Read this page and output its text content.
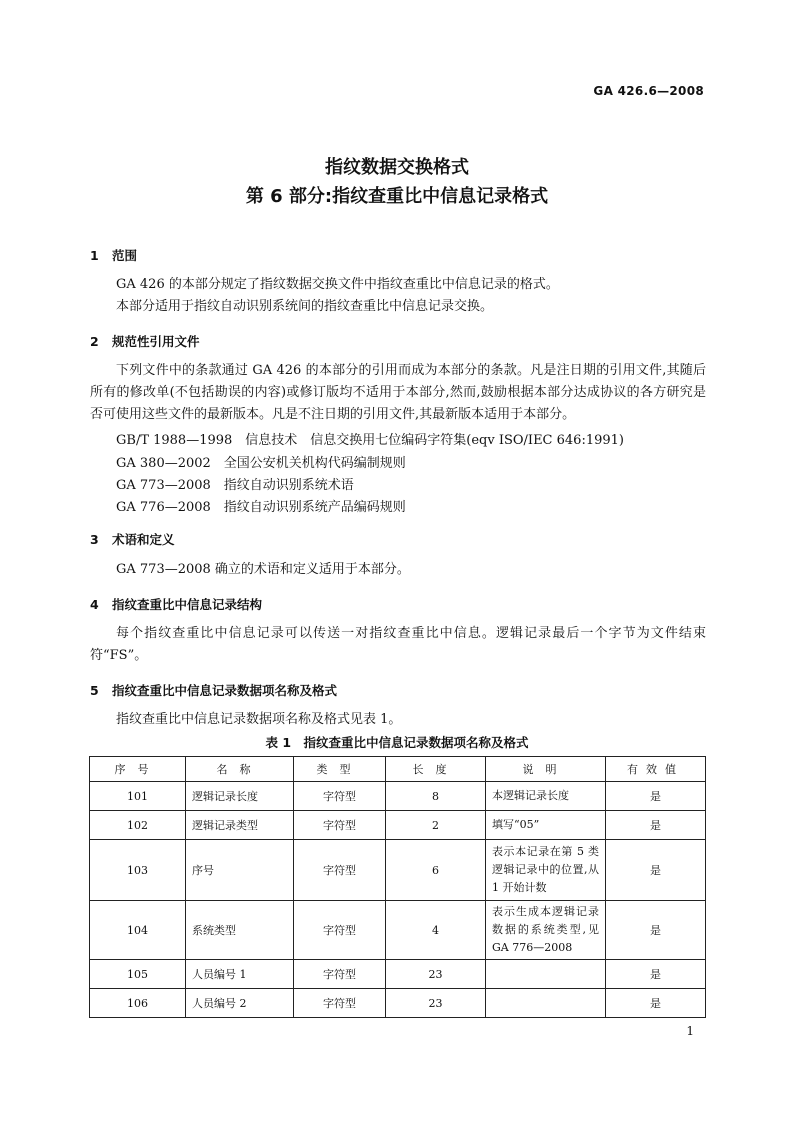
GA 426.6—2008
指纹数据交换格式
第 6 部分:指纹查重比中信息记录格式
1 范围
GA 426 的本部分规定了指纹数据交换文件中指纹查重比中信息记录的格式。
本部分适用于指纹自动识别系统间的指纹查重比中信息记录交换。
2 规范性引用文件
下列文件中的条款通过 GA 426 的本部分的引用而成为本部分的条款。凡是注日期的引用文件,其随后所有的修改单(不包括勘误的内容)或修订版均不适用于本部分,然而,鼓励根据本部分达成协议的各方研究是否可使用这些文件的最新版本。凡是不注日期的引用文件,其最新版本适用于本部分。
GB/T 1988—1998　信息技术　信息交换用七位编码字符集(eqv ISO/IEC 646:1991)
GA 380—2002　全国公安机关机构代码编制规则
GA 773—2008　指纹自动识别系统术语
GA 776—2008　指纹自动识别系统产品编码规则
3 术语和定义
GA 773—2008 确立的术语和定义适用于本部分。
4 指纹查重比中信息记录结构
每个指纹查重比中信息记录可以传送一对指纹查重比中信息。逻辑记录最后一个字节为文件结束符“FS”。
5 指纹查重比中信息记录数据项名称及格式
指纹查重比中信息记录数据项名称及格式见表 1。
表 1　指纹查重比中信息记录数据项名称及格式
序号	名称	类型	长度	说明	有效值
101	逻辑记录长度	字符型	8	本逻辑记录长度	是
102	逻辑记录类型	字符型	2	填写“05”	是
103	序号	字符型	6	表示本记录在第 5 类逻辑记录中的位置,从 1 开始计数	是
104	系统类型	字符型	4	表示生成本逻辑记录数据的系统类型,见 GA 776—2008	是
105	人员编号 1	字符型	23		是
106	人员编号 2	字符型	23		是
1
